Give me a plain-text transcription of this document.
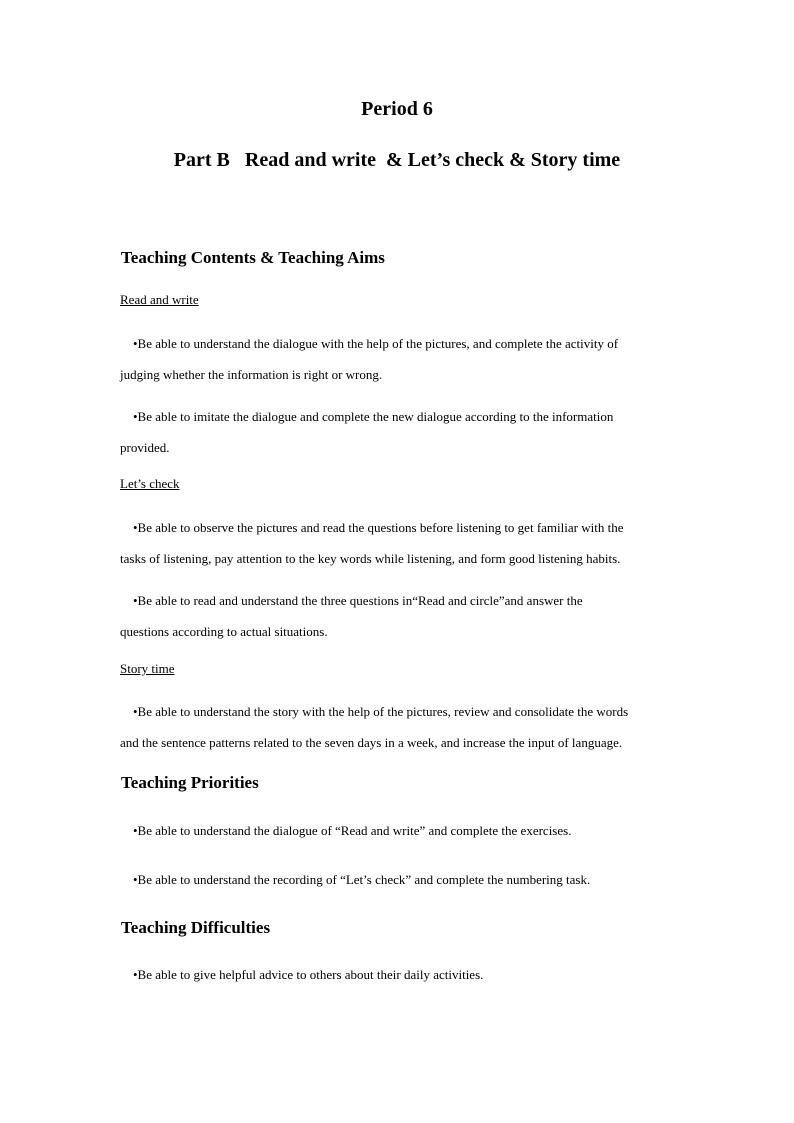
Period 6
Part B   Read and write  & Let’s check & Story time
Teaching Contents & Teaching Aims
Read and write
•Be able to understand the dialogue with the help of the pictures, and complete the activity of
judging whether the information is right or wrong.
•Be able to imitate the dialogue and complete the new dialogue according to the information
provided.
Let’s check
•Be able to observe the pictures and read the questions before listening to get familiar with the
tasks of listening, pay attention to the key words while listening, and form good listening habits.
•Be able to read and understand the three questions in“Read and circle”and answer the
questions according to actual situations.
Story time
•Be able to understand the story with the help of the pictures, review and consolidate the words
and the sentence patterns related to the seven days in a week, and increase the input of language.
Teaching Priorities
•Be able to understand the dialogue of “Read and write” and complete the exercises.
•Be able to understand the recording of “Let’s check” and complete the numbering task.
Teaching Difficulties
•Be able to give helpful advice to others about their daily activities.
